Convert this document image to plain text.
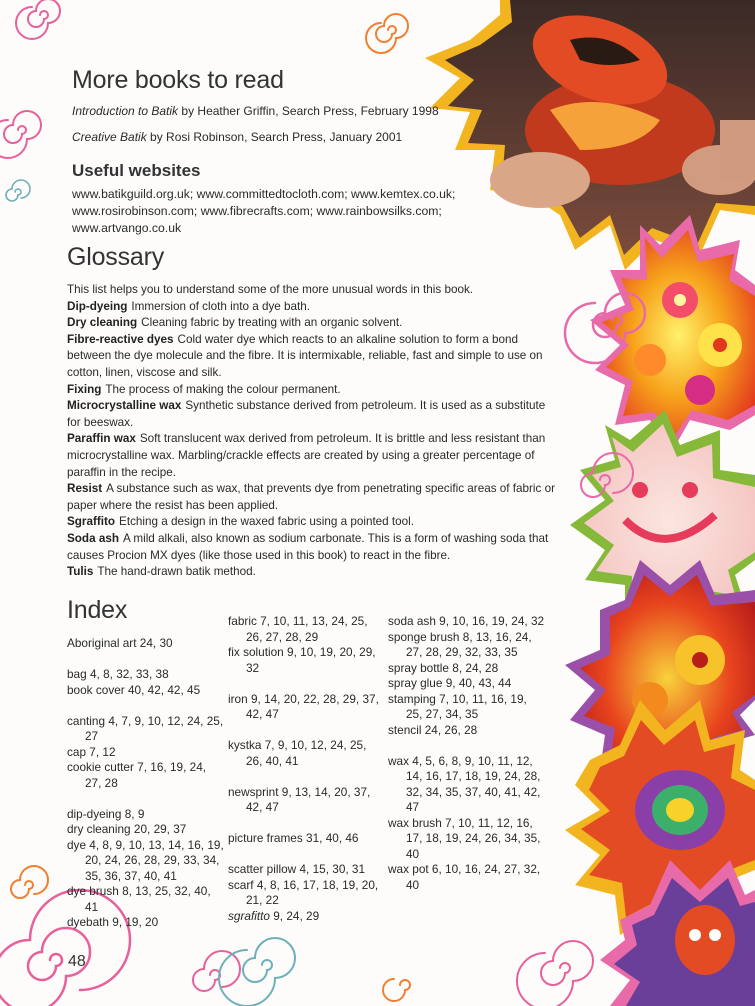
More books to read

Introduction to Batik by Heather Griffin, Search Press, February 1998

Creative Batik by Rosi Robinson, Search Press, January 2001

Useful websites
www.batikguild.org.uk; www.committedtocloth.com; www.kemtex.co.uk;
www.rosirobinson.com; www.fibrecrafts.com; www.rainbowsilks.com;
www.artvango.co.uk
Glossary

This list helps you to understand some of the more unusual words in this book.

Dip-dyeing Immersion of cloth into a dye bath.

Dry cleaning Cleaning fabric by treating with an organic solvent.

Fibre-reactive dyes Cold water dye which reacts to an alkaline solution to form a bond between the dye molecule and the fibre. It is intermixable, reliable, fast and simple to use on cotton, linen, viscose and silk.

Fixing The process of making the colour permanent.

Microcrystalline wax Synthetic substance derived from petroleum. It is used as a substitute for beeswax.

Paraffin wax Soft translucent wax derived from petroleum. It is brittle and less resistant than microcrystalline wax. Marbling/crackle effects are created by using a greater percentage of paraffin in the recipe.

Resist A substance such as wax, that prevents dye from penetrating specific areas of fabric or paper where the resist has been applied.

Sgraffito Etching a design in the waxed fabric using a pointed tool.

Soda ash A mild alkali, also known as sodium carbonate. This is a form of washing soda that causes Procion MX dyes (like those used in this book) to react in the fibre.

Tulis The hand-drawn batik method.

Index
Aboriginal art 24, 30
bag 4, 8, 32, 33, 38
book cover 40, 42, 42, 45
canting 4, 7, 9, 10, 12, 24, 25, 27
cap 7, 12
cookie cutter 7, 16, 19, 24, 27, 28
dip-dyeing 8, 9
dry cleaning 20, 29, 37
dye 4, 8, 9, 10, 13, 14, 16, 19, 20, 24, 26, 28, 29, 33, 34, 35, 36, 37, 40, 41
dye brush 8, 13, 25, 32, 40, 41
dyebath 9, 19, 20
fabric 7, 10, 11, 13, 24, 25, 26, 27, 28, 29
fix solution 9, 10, 19, 20, 29, 32
iron 9, 14, 20, 22, 28, 29, 37, 42, 47
kystka 7, 9, 10, 12, 24, 25, 26, 40, 41
newsprint 9, 13, 14, 20, 37, 42, 47
picture frames 31, 40, 46
scatter pillow 4, 15, 30, 31
scarf 4, 8, 16, 17, 18, 19, 20, 21, 22
sgrafitto 9, 24, 29
soda ash 9, 10, 16, 19, 24, 32
sponge brush 8, 13, 16, 24, 27, 28, 29, 32, 33, 35
spray bottle 8, 24, 28
spray glue 9, 40, 43, 44
stamping 7, 10, 11, 16, 19, 25, 27, 34, 35
stencil 24, 26, 28
wax 4, 5, 6, 8, 9, 10, 11, 12, 14, 16, 17, 18, 19, 24, 28, 32, 34, 35, 37, 40, 41, 42, 47
wax brush 7, 10, 11, 12, 16, 17, 18, 19, 24, 26, 34, 35, 40
wax pot 6, 10, 16, 24, 27, 32, 40
48
